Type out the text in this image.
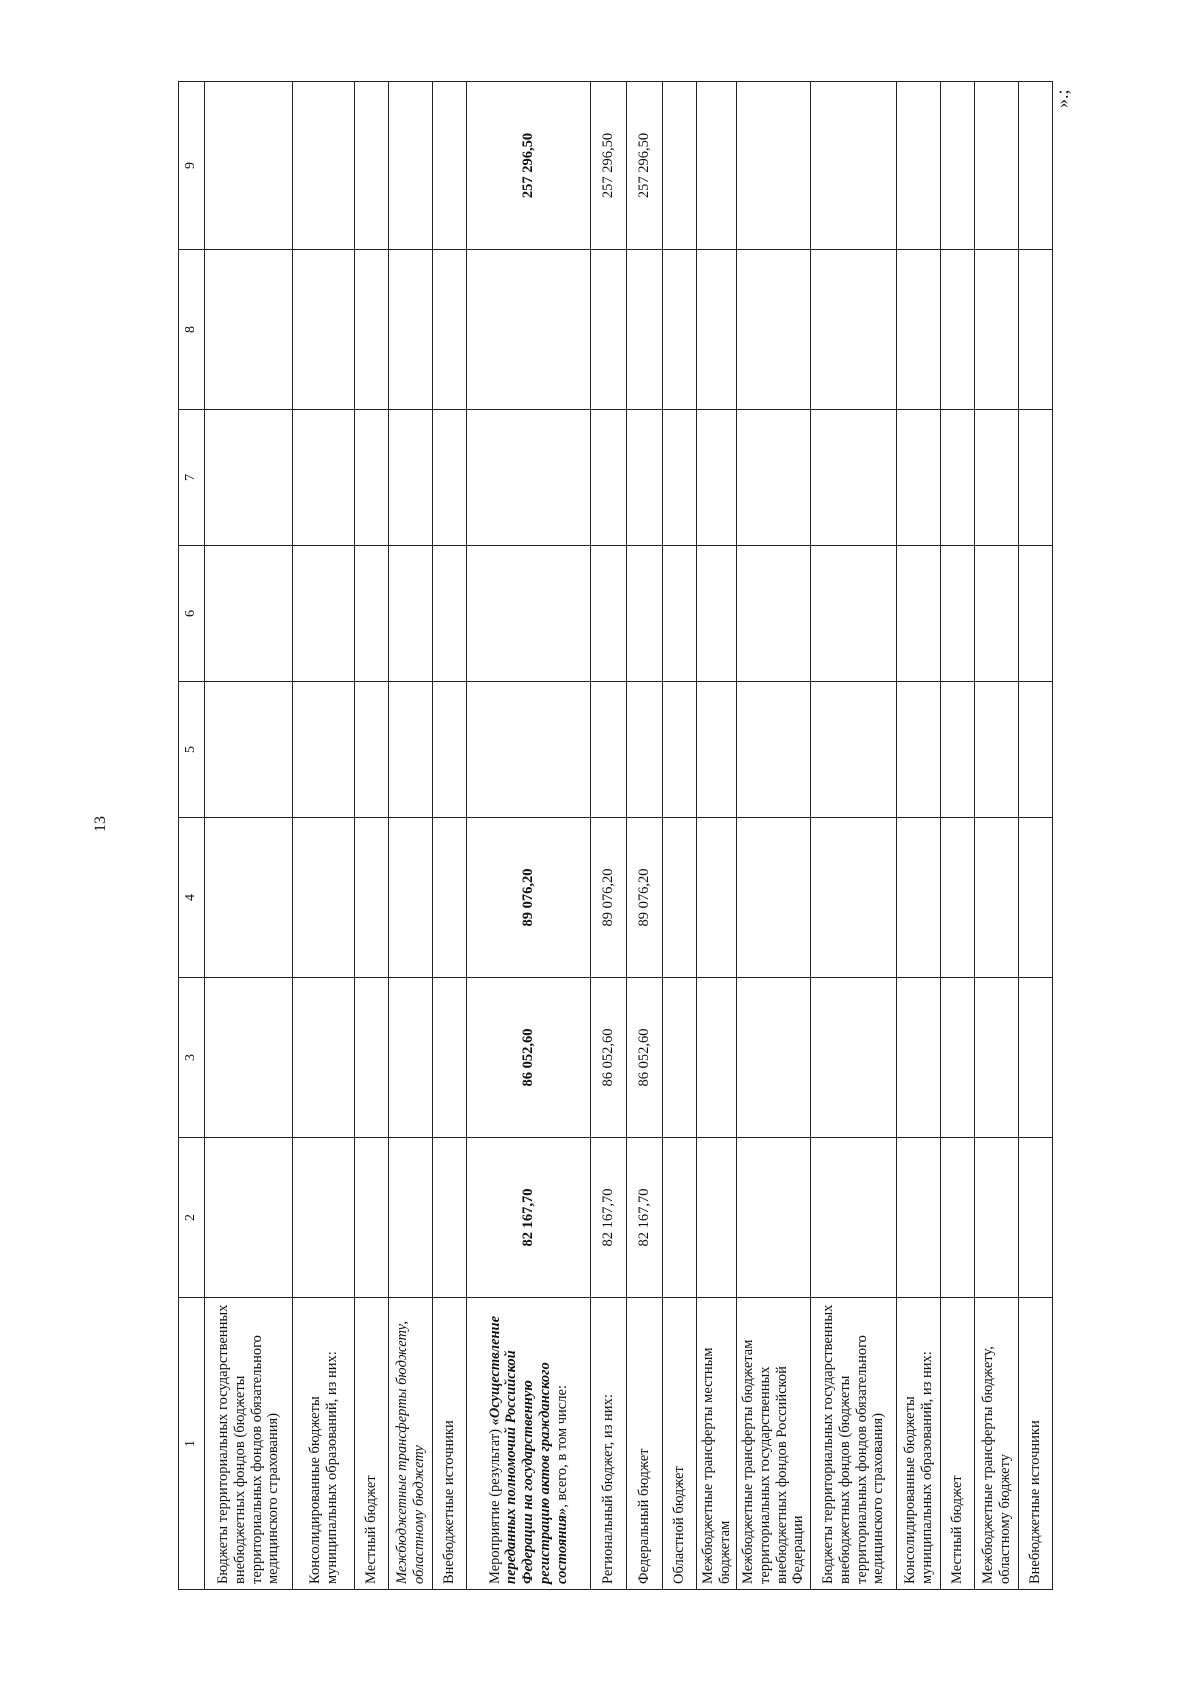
13
».;
1	2	3	4	5	6	7	8	9
Бюджеты территориальных государственных внебюджетных фондов (бюджеты территориальных фондов обязательного медицинского страхования)								
Консолидированные бюджеты муниципальных образований, из них:								
Местный бюджет								
Межбюджетные трансферты бюджету, областному бюджету								
Внебюджетные источники								
Мероприятие (результат) «Осуществление переданных полномочий Российской Федерации на государственную регистрацию актов гражданского состояния», всего, в том числе:	82 167,70	86 052,60	89 076,20					257 296,50
Региональный бюджет, из них:	82 167,70	86 052,60	89 076,20					257 296,50
Федеральный бюджет	82 167,70	86 052,60	89 076,20					257 296,50
Областной бюджет								
Межбюджетные трансферты местным бюджетам								
Межбюджетные трансферты бюджетам территориальных государственных внебюджетных фондов Российской Федерации								
Бюджеты территориальных государственных внебюджетных фондов (бюджеты территориальных фондов обязательного медицинского страхования)								
Консолидированные бюджеты муниципальных образований, из них:								
Местный бюджет								
Межбюджетные трансферты бюджету, областному бюджету								
Внебюджетные источники								
